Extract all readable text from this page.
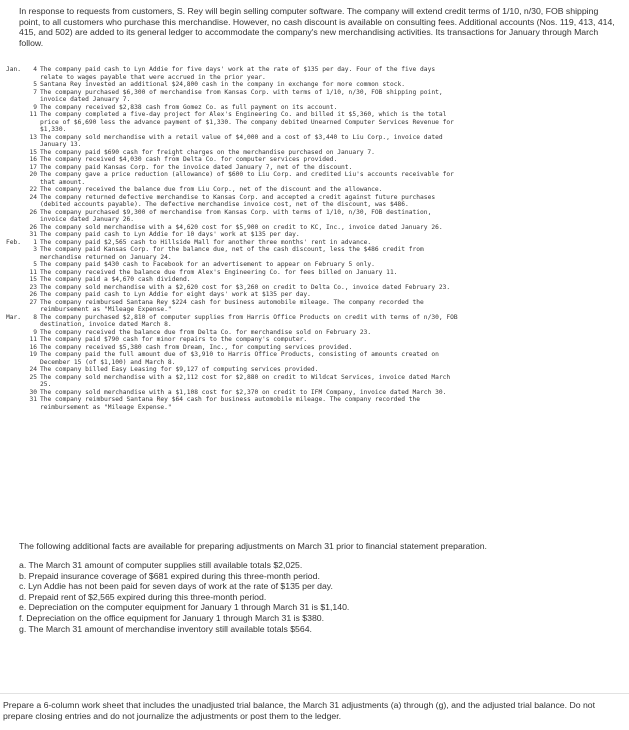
In response to requests from customers, S. Rey will begin selling computer software. The company will extend credit terms of 1/10, n/30, FOB shipping point, to all customers who purchase this merchandise. However, no cash discount is available on consulting fees. Additional accounts (Nos. 119, 413, 414, 415, and 502) are added to its general ledger to accommodate the company's new merchandising activities. Its transactions for January through March follow.
Jan.	4 The company paid cash to Lyn Addie for five days' work at the rate of $135 per day. Four of the five days
relate to wages payable that were accrued in the prior year.
5 Santana Rey invested an additional $24,800 cash in the company in exchange for more common stock.
7 The company purchased $6,300 of merchandise from Kansas Corp. with terms of 1/10, n/30, FOB shipping point,
invoice dated January 7.
9 The company received $2,838 cash from Gomez Co. as full payment on its account.
11 The company completed a five-day project for Alex's Engineering Co. and billed it $5,360, which is the total
price of $6,690 less the advance payment of $1,330. The company debited Unearned Computer Services Revenue for
$1,330.
13 The company sold merchandise with a retail value of $4,000 and a cost of $3,440 to Liu Corp., invoice dated
January 13.
15 The company paid $690 cash for freight charges on the merchandise purchased on January 7.
16 The company received $4,030 cash from Delta Co. for computer services provided.
17 The company paid Kansas Corp. for the invoice dated January 7, net of the discount.
20 The company gave a price reduction (allowance) of $600 to Liu Corp. and credited Liu's accounts receivable for
that amount.
22 The company received the balance due from Liu Corp., net of the discount and the allowance.
24 The company returned defective merchandise to Kansas Corp. and accepted a credit against future purchases
(debited accounts payable). The defective merchandise invoice cost, net of the discount, was $486.
26 The company purchased $9,300 of merchandise from Kansas Corp. with terms of 1/10, n/30, FOB destination,
invoice dated January 26.
26 The company sold merchandise with a $4,620 cost for $5,900 on credit to KC, Inc., invoice dated January 26.
31 The company paid cash to Lyn Addie for 10 days' work at $135 per day.
Feb.	1 The company paid $2,565 cash to Hillside Mall for another three months' rent in advance.
3 The company paid Kansas Corp. for the balance due, net of the cash discount, less the $486 credit from
merchandise returned on January 24.
5 The company paid $430 cash to Facebook for an advertisement to appear on February 5 only.
11 The company received the balance due from Alex's Engineering Co. for fees billed on January 11.
15 The company paid a $4,670 cash dividend.
23 The company sold merchandise with a $2,620 cost for $3,260 on credit to Delta Co., invoice dated February 23.
26 The company paid cash to Lyn Addie for eight days' work at $135 per day.
27 The company reimbursed Santana Rey $224 cash for business automobile mileage. The company recorded the
reimbursement as "Mileage Expense."
Mar.	8 The company purchased $2,810 of computer supplies from Harris Office Products on credit with terms of n/30, FOB
destination, invoice dated March 8.
9 The company received the balance due from Delta Co. for merchandise sold on February 23.
11 The company paid $790 cash for minor repairs to the company's computer.
16 The company received $5,380 cash from Dream, Inc., for computing services provided.
19 The company paid the full amount due of $3,910 to Harris Office Products, consisting of amounts created on
December 15 (of $1,100) and March 8.
24 The company billed Easy Leasing for $9,127 of computing services provided.
25 The company sold merchandise with a $2,112 cost for $2,880 on credit to Wildcat Services, invoice dated March
25.
30 The company sold merchandise with a $1,108 cost for $2,370 on credit to IFM Company, invoice dated March 30.
31 The company reimbursed Santana Rey $64 cash for business automobile mileage. The company recorded the
reimbursement as "Mileage Expense."
The following additional facts are available for preparing adjustments on March 31 prior to financial statement preparation.
a. The March 31 amount of computer supplies still available totals $2,025.
b. Prepaid insurance coverage of $681 expired during this three-month period.
c. Lyn Addie has not been paid for seven days of work at the rate of $135 per day.
d. Prepaid rent of $2,565 expired during this three-month period.
e. Depreciation on the computer equipment for January 1 through March 31 is $1,140.
f. Depreciation on the office equipment for January 1 through March 31 is $380.
g. The March 31 amount of merchandise inventory still available totals $564.
Prepare a 6-column work sheet that includes the unadjusted trial balance, the March 31 adjustments (a) through (g), and the adjusted trial balance. Do not prepare closing entries and do not journalize the adjustments or post them to the ledger.
